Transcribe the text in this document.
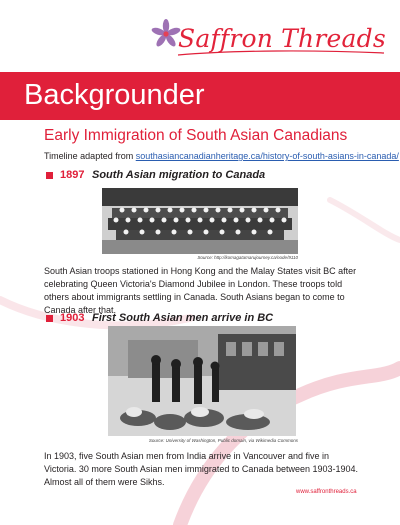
Saffron Threads
Backgrounder
Early Immigration of South Asian Canadians
Timeline adapted from southasiancanadianheritage.ca/history-of-south-asians-in-canada/
1897 South Asian migration to Canada
Source: http://komagatamarujourney.ca/node/9110
South Asian troops stationed in Hong Kong and the Malay States visit BC after celebrating Queen Victoria's Diamond Jubilee in London. These troops told others about immigrants settling in Canada. South Asians began to come to Canada after that.
1903 First South Asian men arrive in BC
Source: University of Washington, Public domain, via Wikimedia Commons
In 1903, five South Asian men from India arrive in Vancouver and five in Victoria. 30 more South Asian men immigrated to Canada between 1903-1904. Almost all of them were Sikhs.
www.saffronthreads.ca
